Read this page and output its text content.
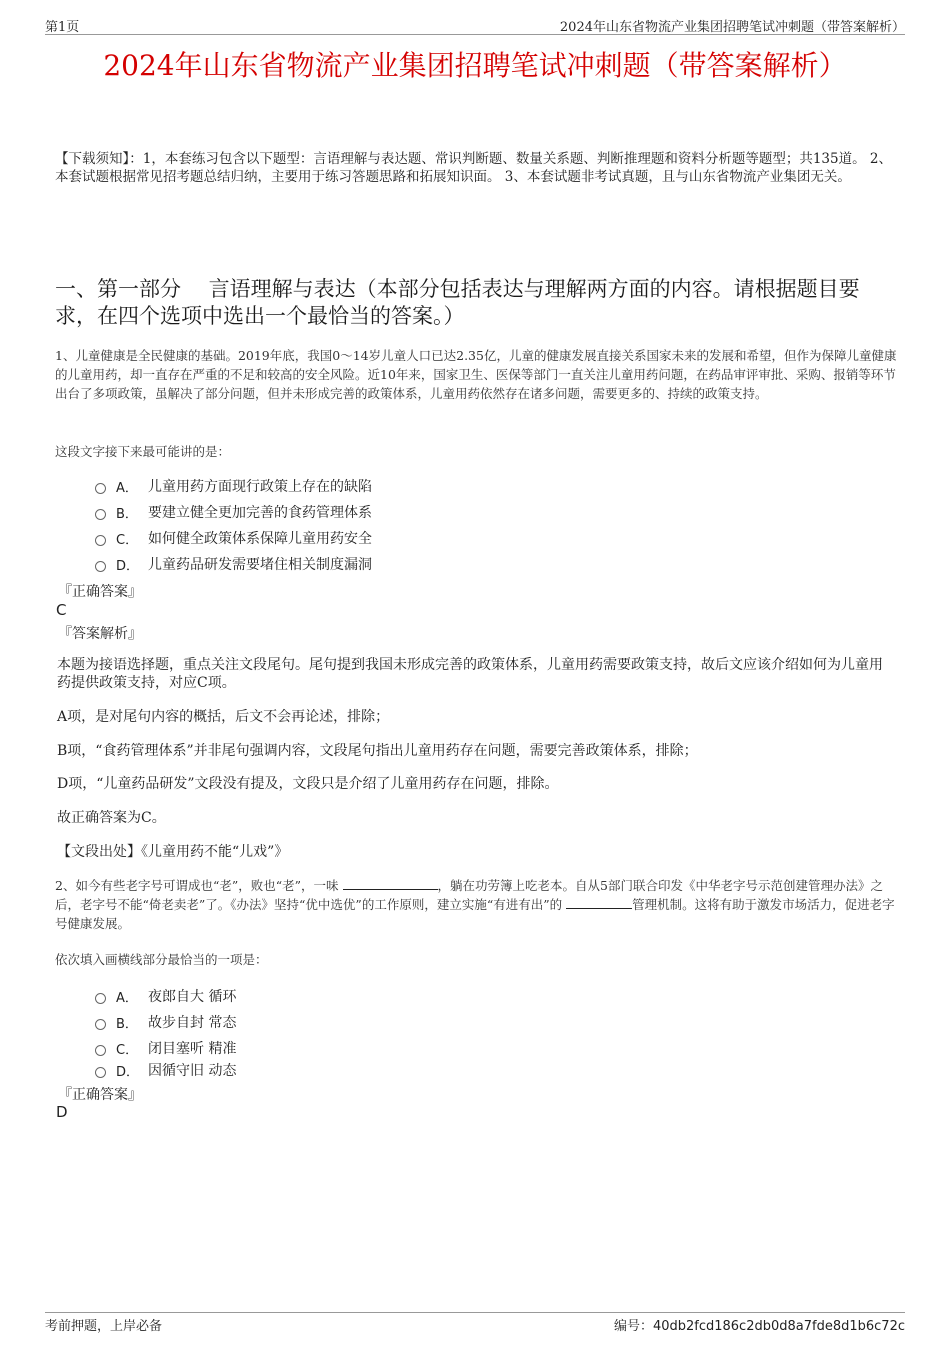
第1页	2024年山东省物流产业集团招聘笔试冲刺题（带答案解析）
2024年山东省物流产业集团招聘笔试冲刺题（带答案解析）
【下载须知】：1，本套练习包含以下题型：言语理解与表达题、常识判断题、数量关系题、判断推理题和资料分析题等题型；共135道。 2、本套试题根据常见招考题总结归纳，主要用于练习答题思路和拓展知识面。 3、本套试题非考试真题，且与山东省物流产业集团无关。
一、第一部分　 言语理解与表达（本部分包括表达与理解两方面的内容。请根据题目要求，在四个选项中选出一个最恰当的答案。）
1、儿童健康是全民健康的基础。2019年底，我国0～14岁儿童人口已达2.35亿，儿童的健康发展直接关系国家未来的发展和希望，但作为保障儿童健康的儿童用药，却一直存在严重的不足和较高的安全风险。近10年来，国家卫生、医保等部门一直关注儿童用药问题，在药品审评审批、采购、报销等环节出台了多项政策，虽解决了部分问题，但并未形成完善的政策体系，儿童用药依然存在诸多问题，需要更多的、持续的政策支持。
这段文字接下来最可能讲的是：
A． 儿童用药方面现行政策上存在的缺陷
B． 要建立健全更加完善的食药管理体系
C． 如何健全政策体系保障儿童用药安全
D． 儿童药品研发需要堵住相关制度漏洞
『正确答案』
C
『答案解析』
本题为接语选择题，重点关注文段尾句。尾句提到我国未形成完善的政策体系，儿童用药需要政策支持，故后文应该介绍如何为儿童用药提供政策支持，对应C项。
A项，是对尾句内容的概括，后文不会再论述，排除；
B项，“食药管理体系”并非尾句强调内容，文段尾句指出儿童用药存在问题，需要完善政策体系，排除；
D项，“儿童药品研发”文段没有提及，文段只是介绍了儿童用药存在问题，排除。
故正确答案为C。
【文段出处】《儿童用药不能“儿戏”》
2、如今有些老字号可谓成也“老”，败也“老”，一味	，躺在功劳簿上吃老本。自从5部门联合印发《中华老字号示范创建管理办法》之后，老字号不能“倚老卖老”了。《办法》坚持“优中选优”的工作原则，建立实施“有进有出”的	管理机制。这将有助于激发市场活力，促进老字号健康发展。
依次填入画横线部分最恰当的一项是：
A． 夜郎自大 循环
B． 故步自封 常态
C． 闭目塞听 精准
D． 因循守旧 动态
『正确答案』
D
考前押题，上岸必备	编号：40db2fcd186c2db0d8a7fde8d1b6c72c
